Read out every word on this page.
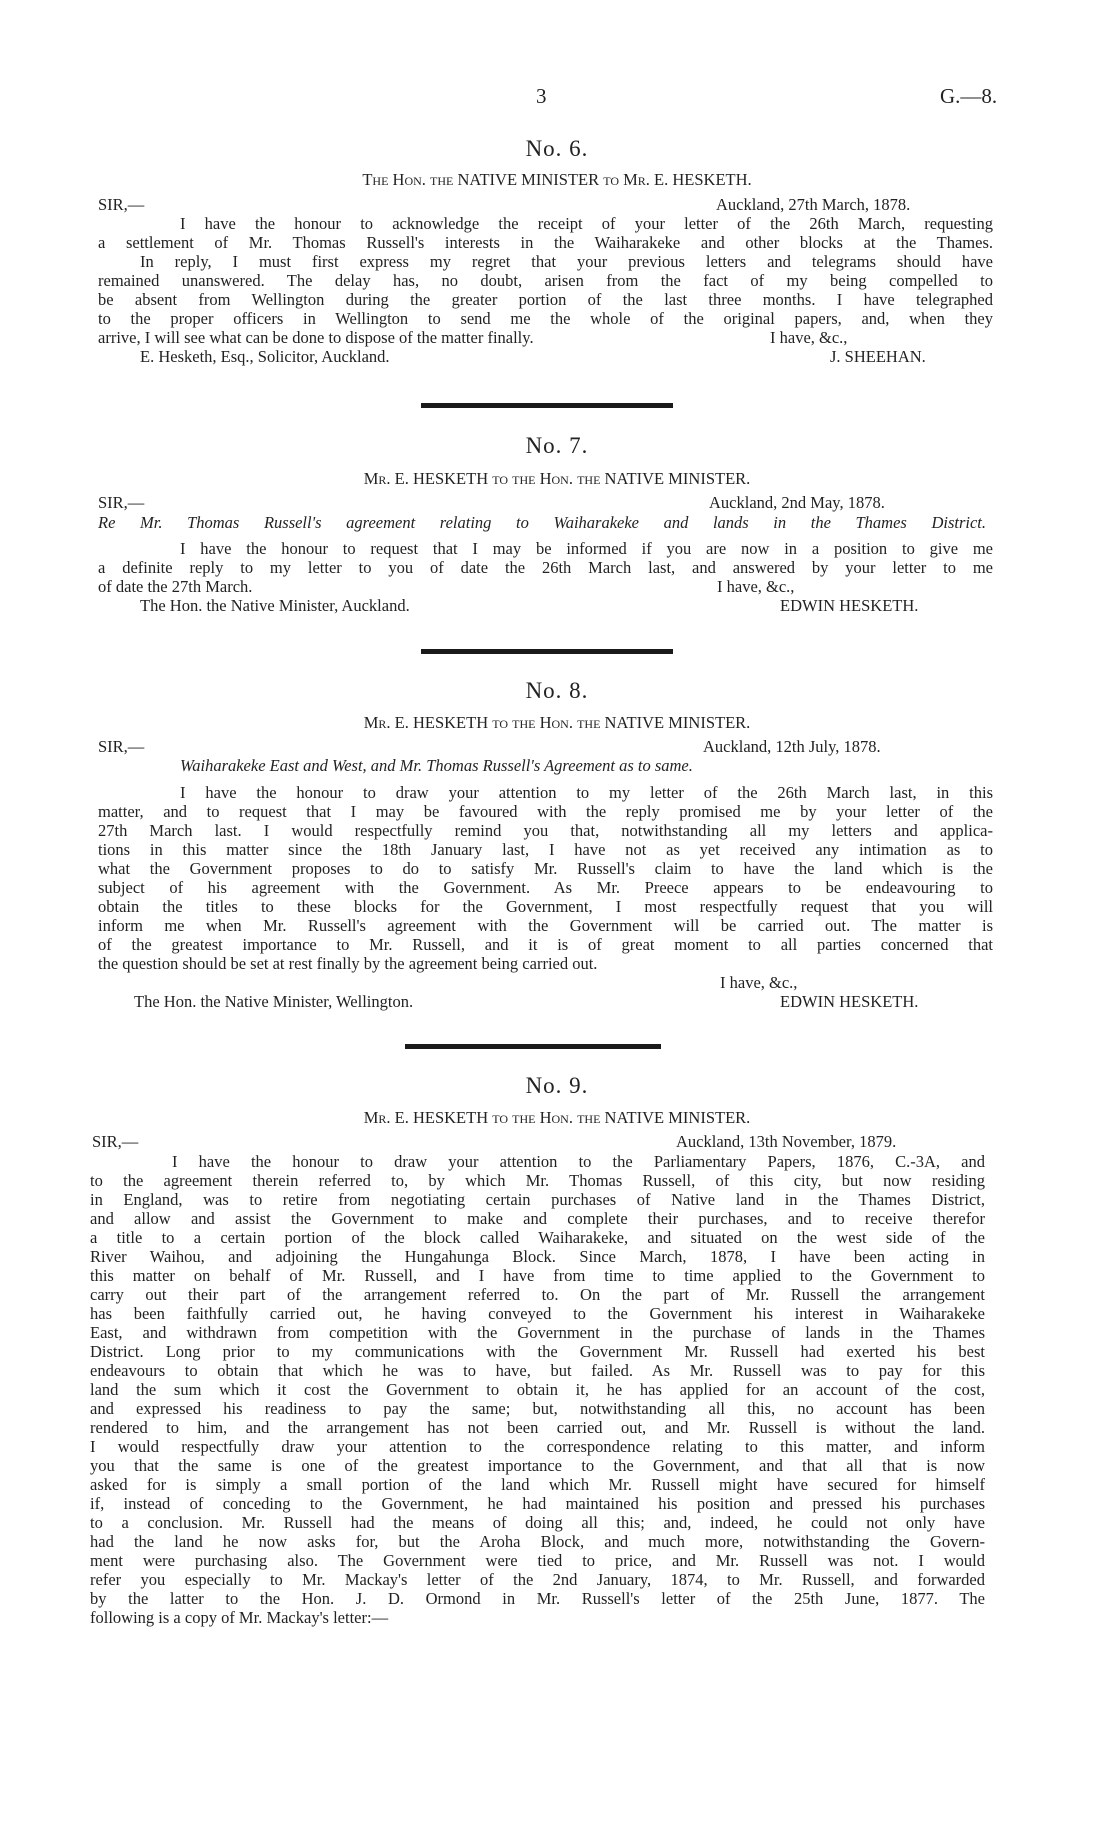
3	G.—8.
No. 6.
The Hon. the NATIVE MINISTER to Mr. E. HESKETH.
SIR,—	Auckland, 27th March, 1878.
I have the honour to acknowledge the receipt of your letter of the 26th March, requesting
a settlement of Mr. Thomas Russell's interests in the Waiharakeke and other blocks at the Thames.
In reply, I must first express my regret that your previous letters and telegrams should have
remained unanswered. The delay has, no doubt, arisen from the fact of my being compelled to
be absent from Wellington during the greater portion of the last three months. I have telegraphed
to the proper officers in Wellington to send me the whole of the original papers, and, when they
arrive, I will see what can be done to dispose of the matter finally.	I have, &c.,
E. Hesketh, Esq., Solicitor, Auckland.	J. SHEEHAN.
No. 7.
Mr. E. HESKETH to the Hon. the NATIVE MINISTER.
SIR,—	Auckland, 2nd May, 1878.
Re Mr. Thomas Russell's agreement relating to Waiharakeke and lands in the Thames District.
I have the honour to request that I may be informed if you are now in a position to give me
a definite reply to my letter to you of date the 26th March last, and answered by your letter to me
of date the 27th March.	I have, &c.,
The Hon. the Native Minister, Auckland.	EDWIN HESKETH.
No. 8.
Mr. E. HESKETH to the Hon. the NATIVE MINISTER.
SIR,—	Auckland, 12th July, 1878.
Waiharakeke East and West, and Mr. Thomas Russell's Agreement as to same.
I have the honour to draw your attention to my letter of the 26th March last, in this
matter, and to request that I may be favoured with the reply promised me by your letter of the
27th March last. I would respectfully remind you that, notwithstanding all my letters and applica-
tions in this matter since the 18th January last, I have not as yet received any intimation as to
what the Government proposes to do to satisfy Mr. Russell's claim to have the land which is the
subject of his agreement with the Government. As Mr. Preece appears to be endeavouring to
obtain the titles to these blocks for the Government, I most respectfully request that you will
inform me when Mr. Russell's agreement with the Government will be carried out. The matter is
of the greatest importance to Mr. Russell, and it is of great moment to all parties concerned that
the question should be set at rest finally by the agreement being carried out.
I have, &c.,
The Hon. the Native Minister, Wellington.	EDWIN HESKETH.
No. 9.
Mr. E. HESKETH to the Hon. the NATIVE MINISTER.
SIR,—	Auckland, 13th November, 1879.
I have the honour to draw your attention to the Parliamentary Papers, 1876, C.-3A, and
to the agreement therein referred to, by which Mr. Thomas Russell, of this city, but now residing
in England, was to retire from negotiating certain purchases of Native land in the Thames District,
and allow and assist the Government to make and complete their purchases, and to receive therefor
a title to a certain portion of the block called Waiharakeke, and situated on the west side of the
River Waihou, and adjoining the Hungahunga Block. Since March, 1878, I have been acting in
this matter on behalf of Mr. Russell, and I have from time to time applied to the Government to
carry out their part of the arrangement referred to. On the part of Mr. Russell the arrangement
has been faithfully carried out, he having conveyed to the Government his interest in Waiharakeke
East, and withdrawn from competition with the Government in the purchase of lands in the Thames
District. Long prior to my communications with the Government Mr. Russell had exerted his best
endeavours to obtain that which he was to have, but failed. As Mr. Russell was to pay for this
land the sum which it cost the Government to obtain it, he has applied for an account of the cost,
and expressed his readiness to pay the same; but, notwithstanding all this, no account has been
rendered to him, and the arrangement has not been carried out, and Mr. Russell is without the land.
I would respectfully draw your attention to the correspondence relating to this matter, and inform
you that the same is one of the greatest importance to the Government, and that all that is now
asked for is simply a small portion of the land which Mr. Russell might have secured for himself
if, instead of conceding to the Government, he had maintained his position and pressed his purchases
to a conclusion. Mr. Russell had the means of doing all this; and, indeed, he could not only have
had the land he now asks for, but the Aroha Block, and much more, notwithstanding the Govern-
ment were purchasing also. The Government were tied to price, and Mr. Russell was not. I would
refer you especially to Mr. Mackay's letter of the 2nd January, 1874, to Mr. Russell, and forwarded
by the latter to the Hon. J. D. Ormond in Mr. Russell's letter of the 25th June, 1877. The
following is a copy of Mr. Mackay's letter:—
